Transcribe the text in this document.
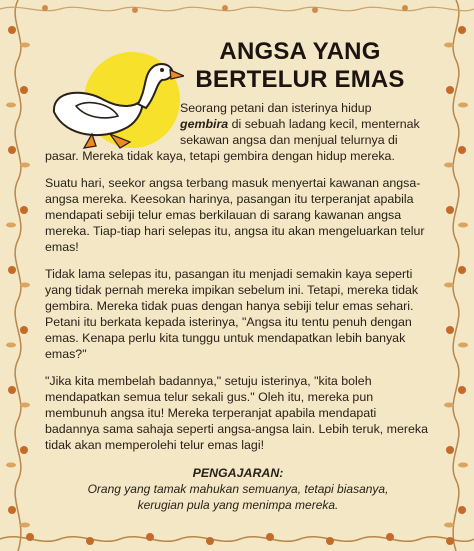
ANGSA YANG
BERTELUR EMAS

Seorang petani dan isterinya hidup
gembira di sebuah ladang kecil, menternak
sekawan angsa dan menjual telurnya di
pasar. Mereka tidak kaya, tetapi gembira dengan hidup mereka.

Suatu hari, seekor angsa terbang masuk menyertai kawanan angsa-angsa mereka. Keesokan harinya, pasangan itu terperanjat apabila mendapati sebiji telur emas berkilauan di sarang kawanan angsa mereka. Tiap-tiap hari selepas itu, angsa itu akan mengeluarkan telur emas!

Tidak lama selepas itu, pasangan itu menjadi semakin kaya seperti yang tidak pernah mereka impikan sebelum ini. Tetapi, mereka tidak gembira. Mereka tidak puas dengan hanya sebiji telur emas sehari. Petani itu berkata kepada isterinya, "Angsa itu tentu penuh dengan emas. Kenapa perlu kita tunggu untuk mendapatkan lebih banyak emas?"

"Jika kita membelah badannya," setuju isterinya, "kita boleh mendapatkan semua telur sekali gus." Oleh itu, mereka pun membunuh angsa itu! Mereka terperanjat apabila mendapati badannya sama sahaja seperti angsa-angsa lain. Lebih teruk, mereka tidak akan memperolehi telur emas lagi!

PENGAJARAN:
Orang yang tamak mahukan semuanya, tetapi biasanya,
kerugian pula yang menimpa mereka.
